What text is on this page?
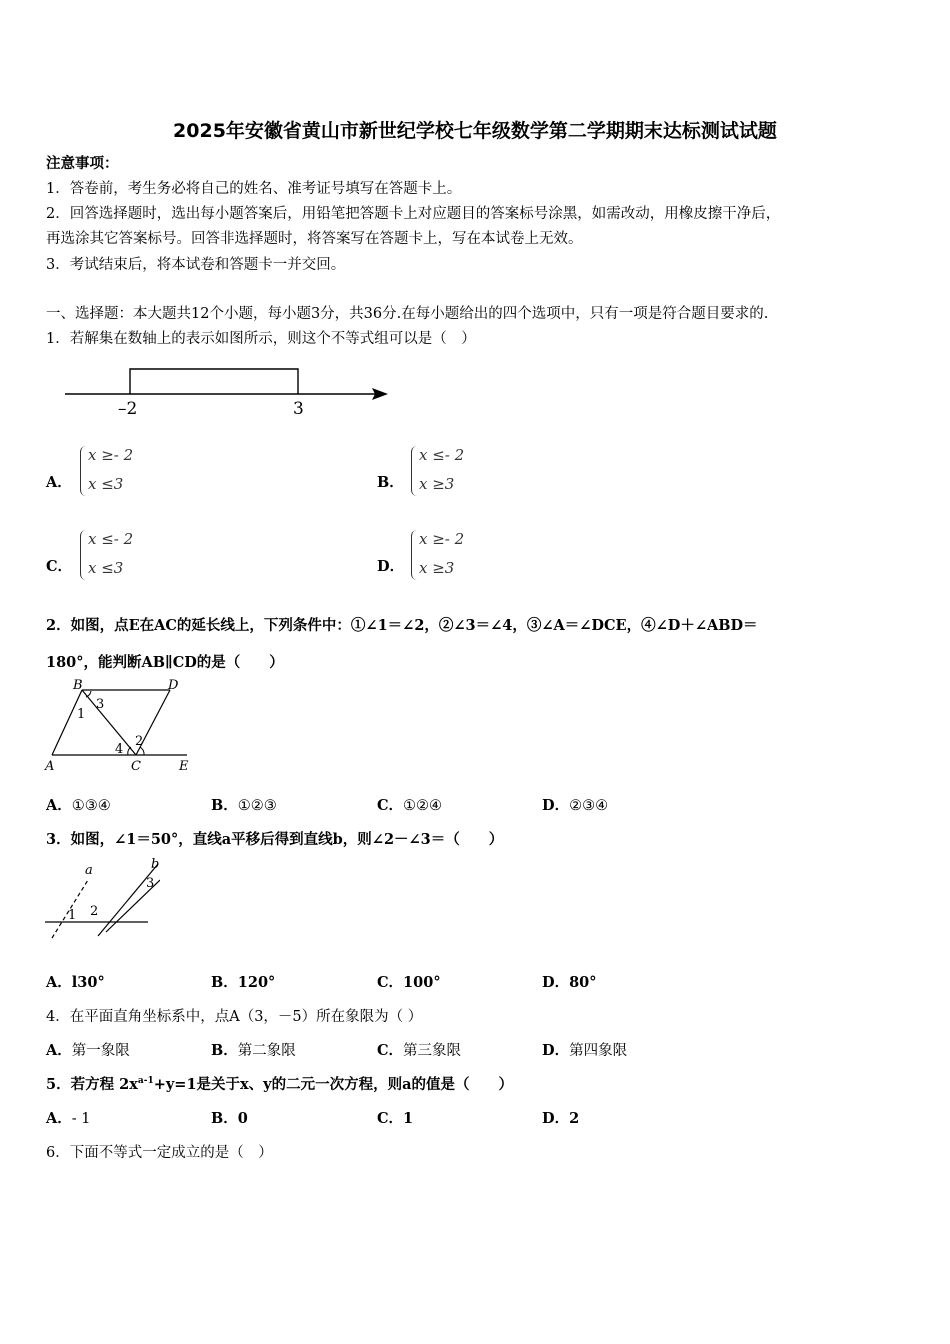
2025年安徽省黄山市新世纪学校七年级数学第二学期期末达标测试试题
注意事项：
1．答卷前，考生务必将自己的姓名、准考证号填写在答题卡上。
2．回答选择题时，选出每小题答案后，用铅笔把答题卡上对应题目的答案标号涂黑，如需改动，用橡皮擦干净后，
再选涂其它答案标号。回答非选择题时，将答案写在答题卡上，写在本试卷上无效。
3．考试结束后，将本试卷和答题卡一并交回。
一、选择题：本大题共12个小题，每小题3分，共36分.在每小题给出的四个选项中，只有一项是符合题目要求的.
1．若解集在数轴上的表示如图所示，则这个不等式组可以是（　）
–2	3
A．
x ≥- 2
x ≤3	B．
x ≤- 2
x ≥3
C．
x ≤- 2
x ≤3	D．
x ≥- 2
x ≥3
2．如图，点E在AC的延长线上，下列条件中：①∠1＝∠2，②∠3＝∠4，③∠A＝∠DCE，④∠D＋∠ABD＝
180°，能判断AB∥CD的是（　　）
B	D
A	C	E
1
2
3
4
A．①③④	B．①②③	C．①②④	D．②③④
3．如图，∠1＝50°，直线a平移后得到直线b，则∠2－∠3＝（　　）
a	b
1 2
3
A．l30°	B．120°	C．100°	D．80°
4．在平面直角坐标系中，点A（3，－5）所在象限为（ ）
A．第一象限	B．第二象限	C．第三象限	D．第四象限
5．若方程 $2x^{a-1}+y=1$是关于x、y的二元一次方程，则a的值是（　　）
A．- 1	B．0	C．1	D．2
6．下面不等式一定成立的是（　）
